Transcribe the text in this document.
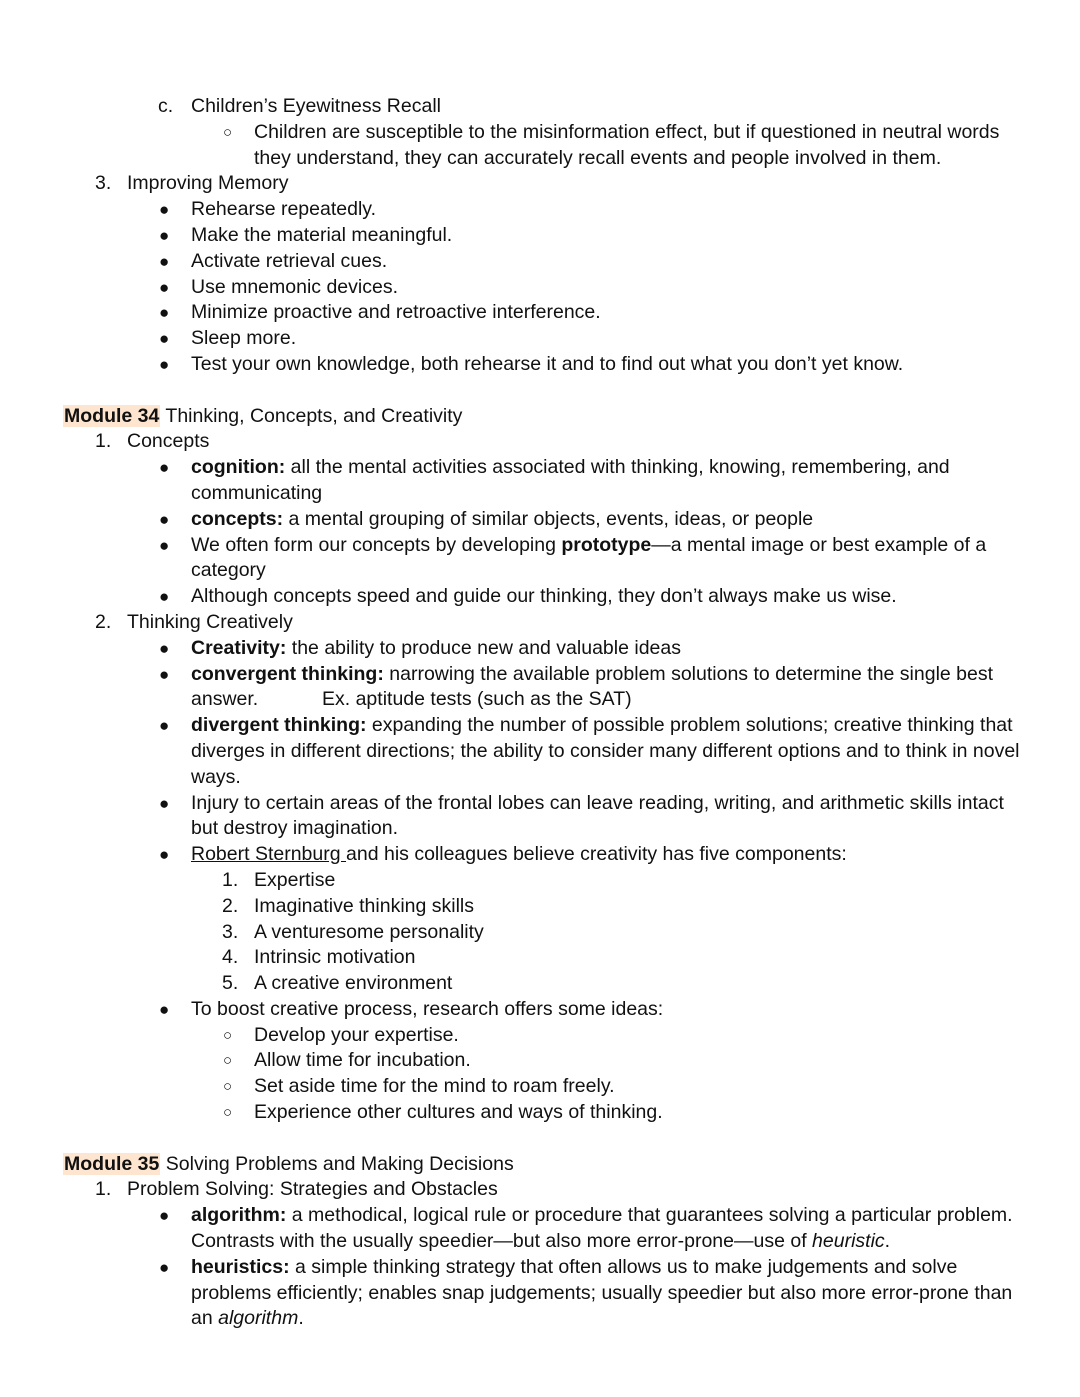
c. Children’s Eyewitness Recall
○ Children are susceptible to the misinformation effect, but if questioned in neutral words
they understand, they can accurately recall events and people involved in them.
3. Improving Memory
● Rehearse repeatedly.
● Make the material meaningful.
● Activate retrieval cues.
● Use mnemonic devices.
● Minimize proactive and retroactive interference.
● Sleep more.
● Test your own knowledge, both rehearse it and to find out what you don’t yet know.
Module 34 Thinking, Concepts, and Creativity
1. Concepts
● cognition: all the mental activities associated with thinking, knowing, remembering, and
communicating
● concepts: a mental grouping of similar objects, events, ideas, or people
● We often form our concepts by developing prototype—a mental image or best example of a
category
● Although concepts speed and guide our thinking, they don’t always make us wise.
2. Thinking Creatively
● Creativity: the ability to produce new and valuable ideas
● convergent thinking: narrowing the available problem solutions to determine the single best
answer.	Ex. aptitude tests (such as the SAT)
● divergent thinking: expanding the number of possible problem solutions; creative thinking that
diverges in different directions; the ability to consider many different options and to think in novel
ways.
● Injury to certain areas of the frontal lobes can leave reading, writing, and arithmetic skills intact
but destroy imagination.
● Robert Sternburg and his colleagues believe creativity has five components:
1. Expertise
2. Imaginative thinking skills
3. A venturesome personality
4. Intrinsic motivation
5. A creative environment
● To boost creative process, research offers some ideas:
○ Develop your expertise.
○ Allow time for incubation.
○ Set aside time for the mind to roam freely.
○ Experience other cultures and ways of thinking.
Module 35 Solving Problems and Making Decisions
1. Problem Solving: Strategies and Obstacles
● algorithm: a methodical, logical rule or procedure that guarantees solving a particular problem.
Contrasts with the usually speedier—but also more error-prone—use of heuristic.
● heuristics: a simple thinking strategy that often allows us to make judgements and solve
problems efficiently; enables snap judgements; usually speedier but also more error-prone than
an algorithm.
